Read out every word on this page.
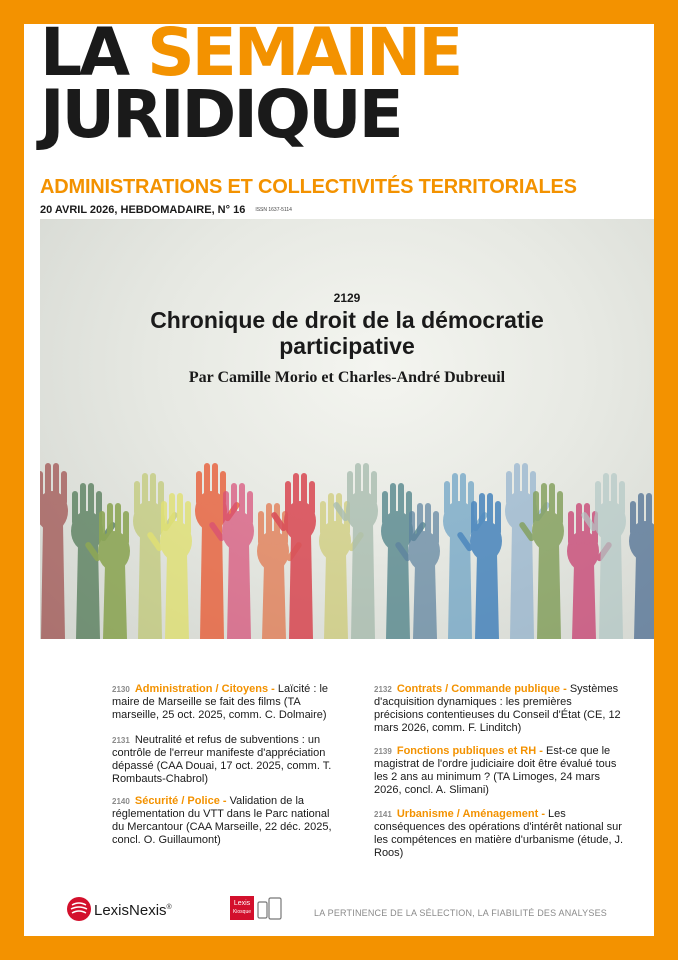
LA SEMAINE
JURIDIQUE
ADMINISTRATIONS ET COLLECTIVITÉS TERRITORIALES
20 AVRIL 2026, HEBDOMADAIRE, N° 16 ISSN 1637-5114
2129
Chronique de droit de la démocratie
participative
Par Camille Morio et Charles-André Dubreuil
2130 Administration / Citoyens - Laïcité : le maire de Marseille se fait des films (TA marseille, 25 oct. 2025, comm. C. Dolmaire)
2131 Neutralité et refus de subventions : un contrôle de l'erreur manifeste d'appréciation dépassé (CAA Douai, 17 oct. 2025, comm. T. Rombauts-Chabrol)
2140 Sécurité / Police - Validation de la réglementation du VTT dans le Parc national du Mercantour (CAA Marseille, 22 déc. 2025, concl. O. Guillaumont)
2132 Contrats / Commande publique - Systèmes d'acquisition dynamiques : les premières précisions contentieuses du Conseil d'État (CE, 12 mars 2026, comm. F. Linditch)
2139 Fonctions publiques et RH - Est-ce que le magistrat de l'ordre judiciaire doit être évalué tous les 2 ans au minimum ? (TA Limoges, 24 mars 2026, concl. A. Slimani)
2141 Urbanisme / Aménagement - Les conséquences des opérations d'intérêt national sur les compétences en matière d'urbanisme (étude, J. Roos)
LexisNexis®
Lexis
Kiosque	LA PERTINENCE DE LA SÉLECTION, LA FIABILITÉ DES ANALYSES
